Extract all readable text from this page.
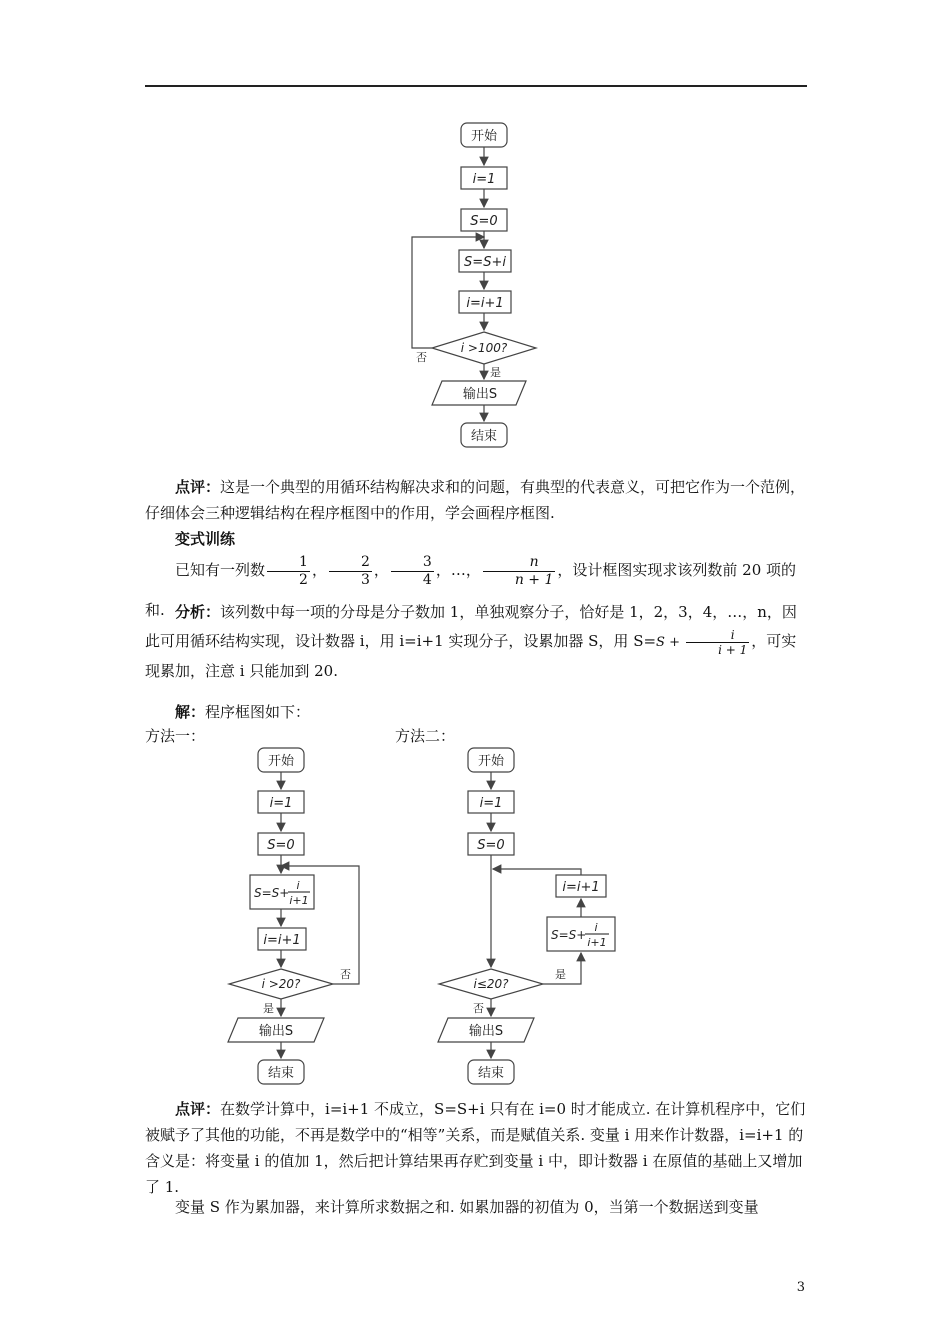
开始
i=1
S=0
S=S+i
i=i+1
i >100?
否
是
输出S
结束
点评：这是一个典型的用循环结构解决求和的问题，有典型的代表意义，可把它作为一个范例，仔细体会三种逻辑结构在程序框图中的作用，学会画程序框图.
变式训练
已知有一列数 $\frac{1}{2}$ ， $\frac{2}{3}$ ， $\frac{3}{4}$ ，…， $\frac{n}{n + 1}$ ，设计框图实现求该列数前 20 项的和. 分析：该列数中每一项的分母是分子数加 1，单独观察分子，恰好是 1，2，3，4，…，n，因此可用循环结构实现，设计数器 i，用 i=i+1 实现分子，设累加器 S，用 $S=S + \frac{i}{i + 1}$ ，可实现累加，注意 i 只能加到 20.
解：程序框图如下：
方法一：	方法二：
开始
i=1
S=0
S=S+
i
i+1
i=i+1
i >20?
否
是
输出S
结束
开始
i=1
S=0
i≤20?
是
S=S+
i
i+1
i=i+1
否
输出S
结束
点评：在数学计算中，i=i+1 不成立，S=S+i 只有在 i=0 时才能成立. 在计算机程序中，它们被赋予了其他的功能，不再是数学中的“相等”关系，而是赋值关系. 变量 i 用来作计数器，i=i+1 的含义是：将变量 i 的值加 1，然后把计算结果再存贮到变量 i 中，即计数器 i 在原值的基础上又增加了 1.
变量 S 作为累加器，来计算所求数据之和. 如累加器的初值为 0，当第一个数据送到变量
3
